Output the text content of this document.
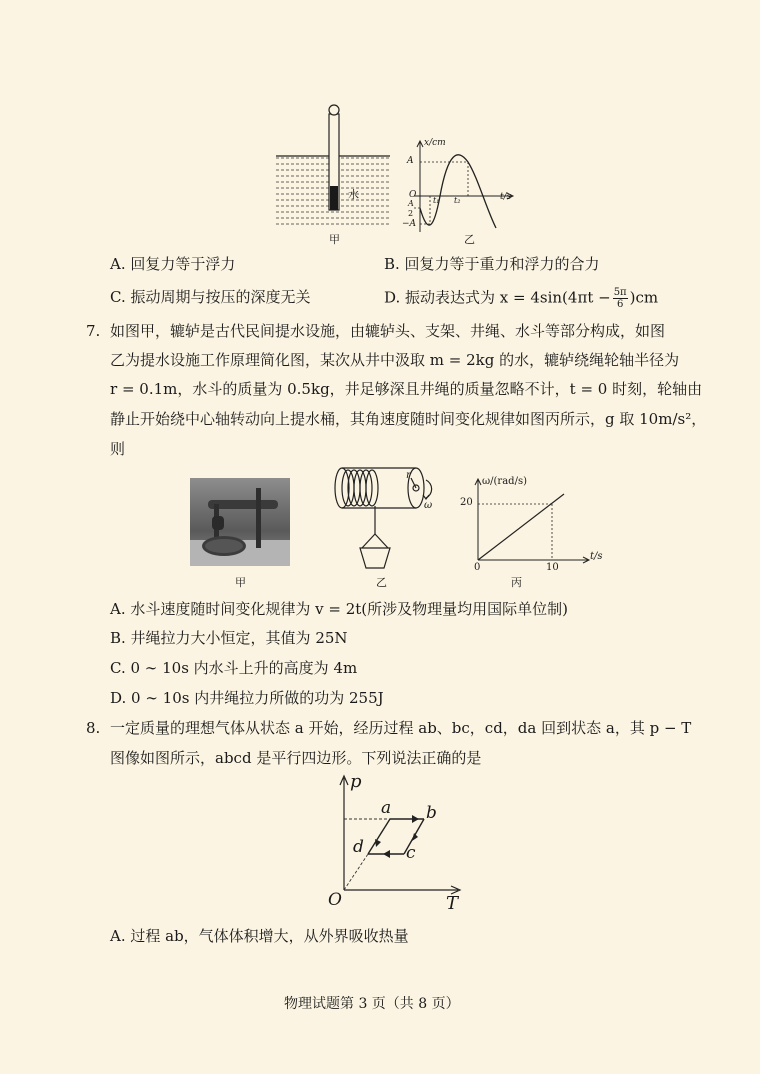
水
甲
x/cm
t/s
A
O
A
2
−A
t₁ t₂
乙
A. 回复力等于浮力	B. 回复力等于重力和浮力的合力
C. 振动周期与按压的深度无关	D. 振动表达式为 $x = 4\sin(4\pi t - \frac{5\pi}{6} )cm$
7. 如图甲，辘轳是古代民间提水设施，由辘轳头、支架、井绳、水斗等部分构成，如图
乙为提水设施工作原理简化图，某次从井中汲取 m = 2kg 的水，辘轳绕绳轮轴半径为
r = 0.1m，水斗的质量为 0.5kg，井足够深且井绳的质量忽略不计，t = 0 时刻，轮轴由
静止开始绕中心轴转动向上提水桶，其角速度随时间变化规律如图丙所示，g 取 10m/s²，
则
甲
r
ω
乙
ω/(rad/s)
t/s
20
10
0
丙
A. 水斗速度随时间变化规律为 v = 2t(所涉及物理量均用国际单位制)
B. 井绳拉力大小恒定，其值为 25N
C. 0 ∼ 10s 内水斗上升的高度为 4m
D. 0 ∼ 10s 内井绳拉力所做的功为 255J
8. 一定质量的理想气体从状态 a 开始，经历过程 ab、bc，cd，da 回到状态 a，其 p − T
图像如图所示，abcd 是平行四边形。下列说法正确的是
p
T
O
a b
c
d
A. 过程 ab，气体体积增大，从外界吸收热量
物理试题第 3 页（共 8 页）
